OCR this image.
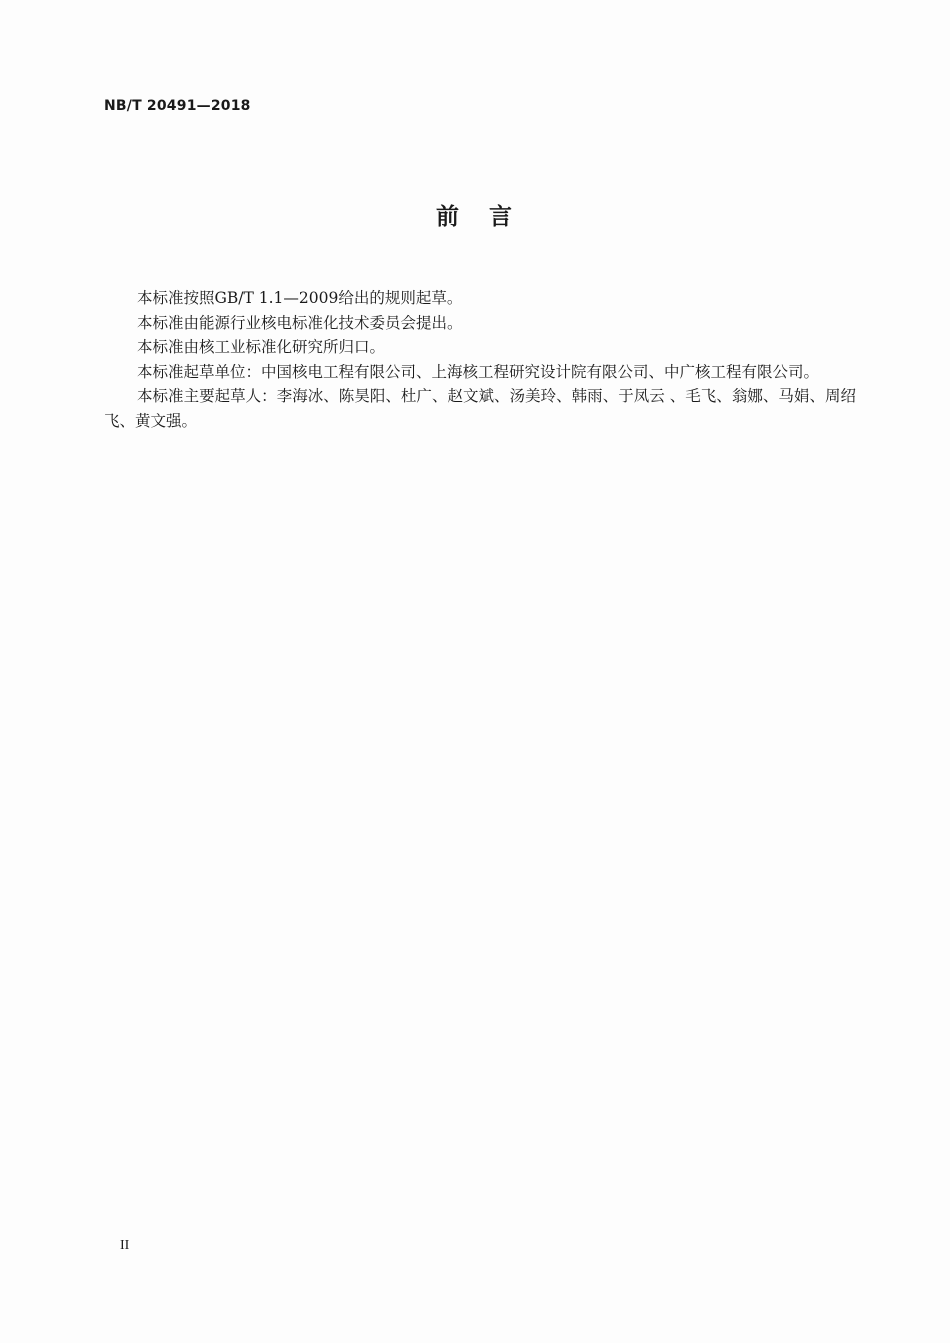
NB/T 20491—2018
前 言

本标准按照GB/T 1.1—2009给出的规则起草。

本标准由能源行业核电标准化技术委员会提出。

本标准由核工业标准化研究所归口。

本标准起草单位：中国核电工程有限公司、上海核工程研究设计院有限公司、中广核工程有限公司。

本标准主要起草人：李海冰、陈昊阳、杜广、赵文斌、汤美玲、韩雨、于凤云 、毛飞、翁娜、马娟、周绍飞、黄文强。

II
